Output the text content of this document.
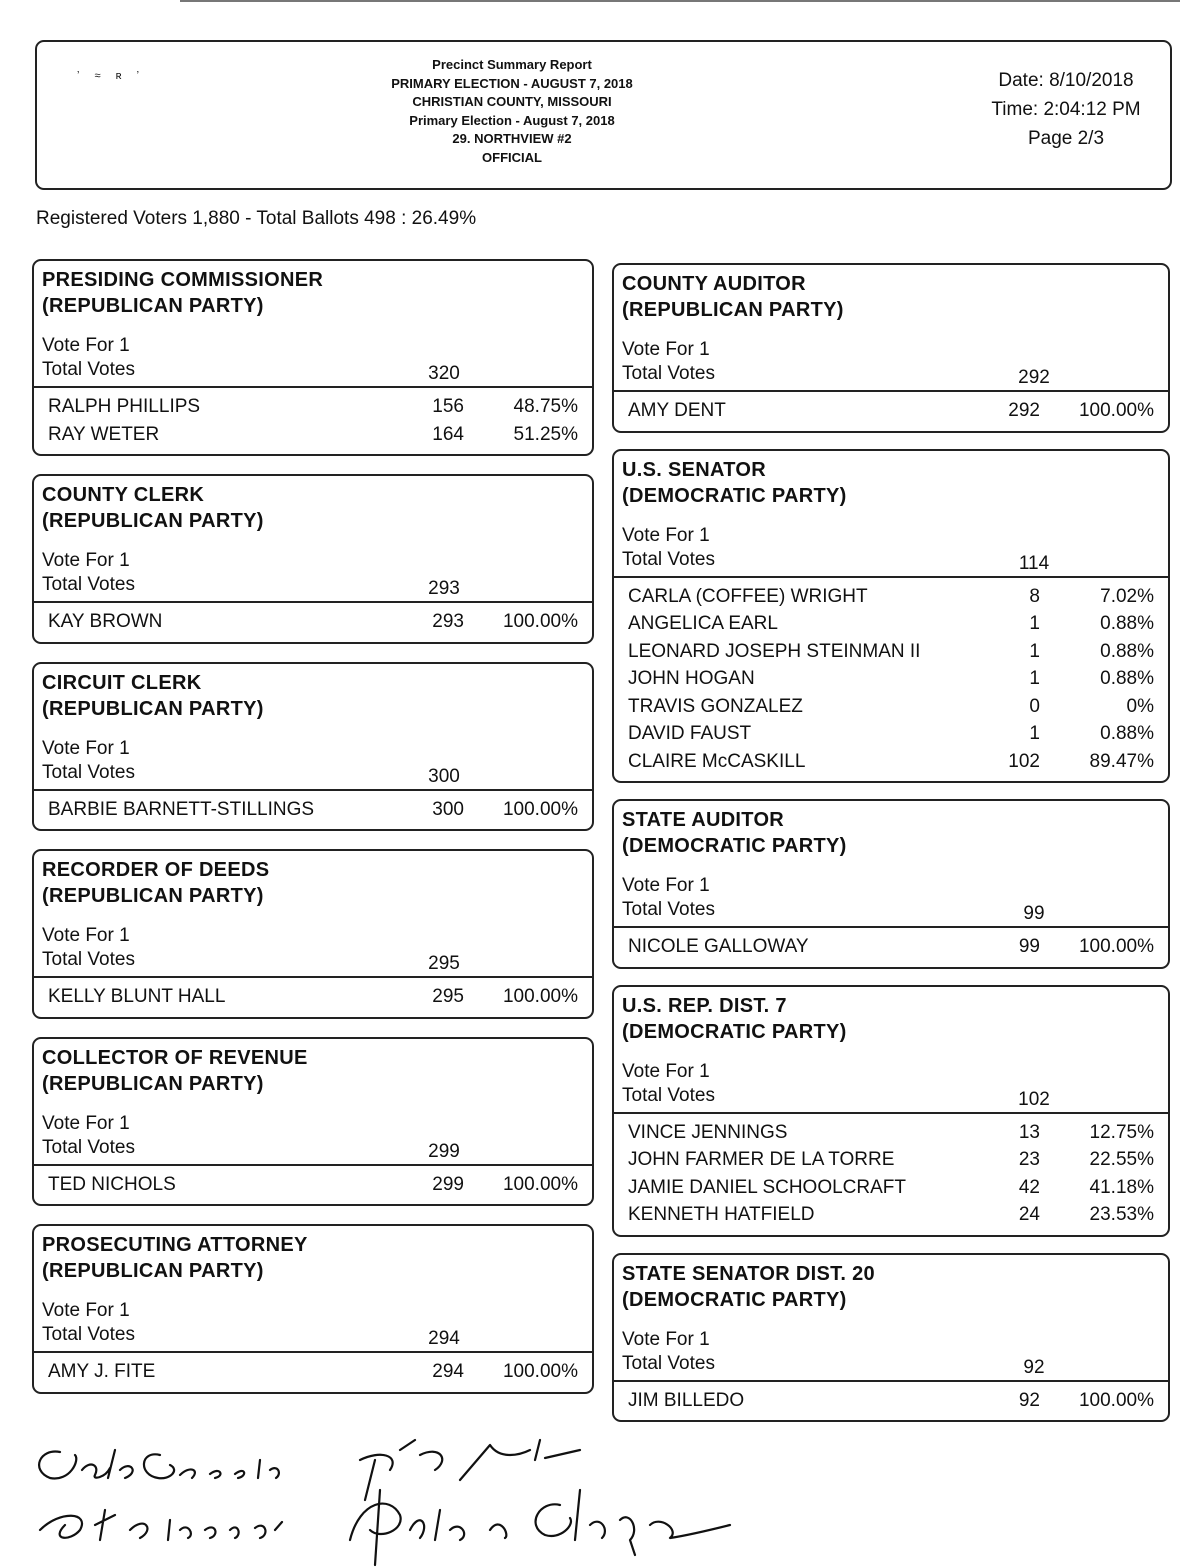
ʼ ≈ ʀ ʼ
Precinct Summary Report
PRIMARY ELECTION - AUGUST 7, 2018
CHRISTIAN COUNTY, MISSOURI
Primary Election - August 7, 2018
29. NORTHVIEW #2
OFFICIAL
Date: 8/10/2018
Time: 2:04:12 PM
Page 2/3
Registered Voters 1,880 - Total Ballots 498 : 26.49%
PRESIDING COMMISSIONER
(REPUBLICAN PARTY)
Vote For 1
Total Votes	320
RALPH PHILLIPS	156	48.75%
RAY WETER	164	51.25%
COUNTY CLERK
(REPUBLICAN PARTY)
Vote For 1
Total Votes	293
KAY BROWN	293	100.00%
CIRCUIT CLERK
(REPUBLICAN PARTY)
Vote For 1
Total Votes	300
BARBIE BARNETT-STILLINGS	300	100.00%
RECORDER OF DEEDS
(REPUBLICAN PARTY)
Vote For 1
Total Votes	295
KELLY BLUNT HALL	295	100.00%
COLLECTOR OF REVENUE
(REPUBLICAN PARTY)
Vote For 1
Total Votes	299
TED NICHOLS	299	100.00%
PROSECUTING ATTORNEY
(REPUBLICAN PARTY)
Vote For 1
Total Votes	294
AMY J. FITE	294	100.00%
COUNTY AUDITOR
(REPUBLICAN PARTY)
Vote For 1
Total Votes	292
AMY DENT	292	100.00%
U.S. SENATOR
(DEMOCRATIC PARTY)
Vote For 1
Total Votes	114
CARLA (COFFEE) WRIGHT	8	7.02%
ANGELICA EARL	1	0.88%
LEONARD JOSEPH STEINMAN II	1	0.88%
JOHN HOGAN	1	0.88%
TRAVIS GONZALEZ	0	0%
DAVID FAUST	1	0.88%
CLAIRE McCASKILL	102	89.47%
STATE AUDITOR
(DEMOCRATIC PARTY)
Vote For 1
Total Votes	99
NICOLE GALLOWAY	99	100.00%
U.S. REP. DIST. 7
(DEMOCRATIC PARTY)
Vote For 1
Total Votes	102
VINCE JENNINGS	13	12.75%
JOHN FARMER DE LA TORRE	23	22.55%
JAMIE DANIEL SCHOOLCRAFT	42	41.18%
KENNETH HATFIELD	24	23.53%
STATE SENATOR DIST. 20
(DEMOCRATIC PARTY)
Vote For 1
Total Votes	92
JIM BILLEDO	92	100.00%
